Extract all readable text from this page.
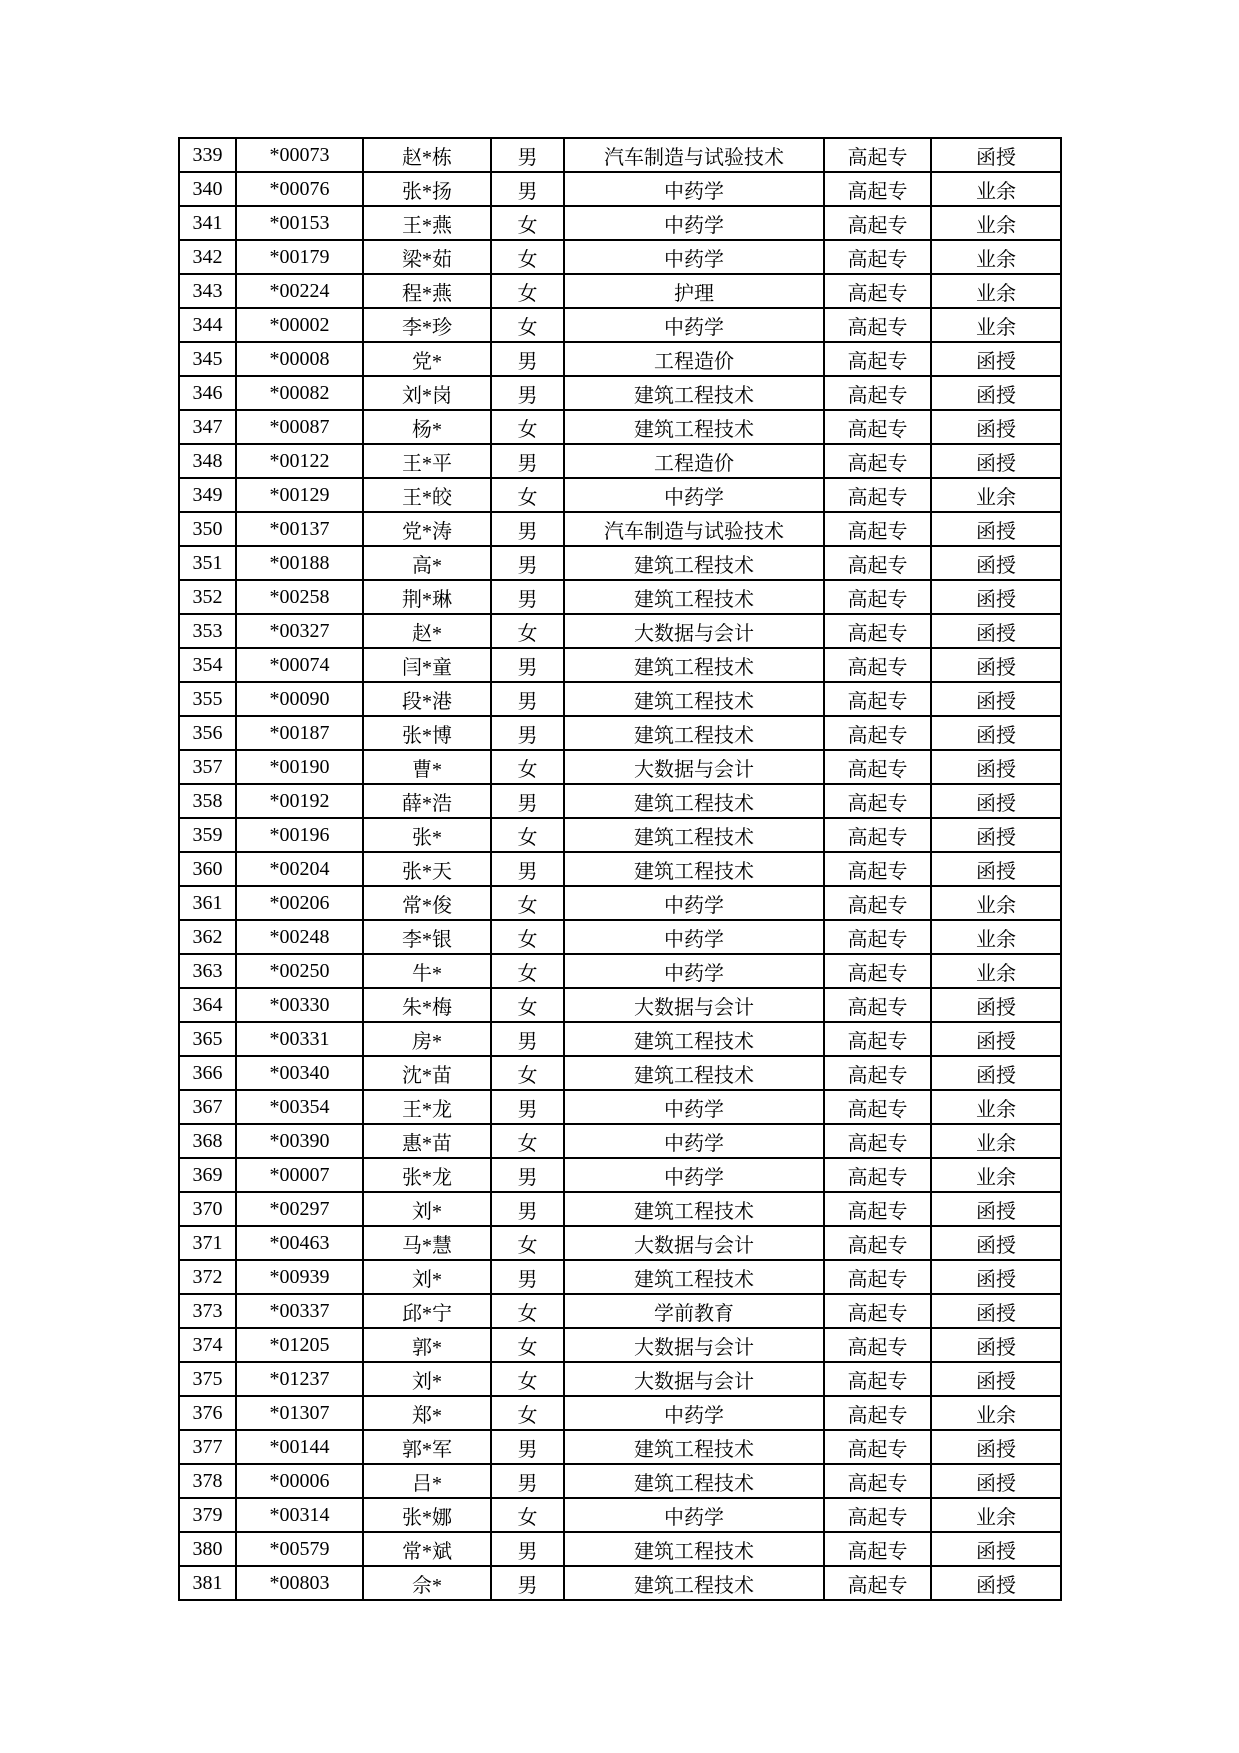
339	*00073	赵*栋	男	汽车制造与试验技术	高起专	函授
340	*00076	张*扬	男	中药学	高起专	业余
341	*00153	王*燕	女	中药学	高起专	业余
342	*00179	梁*茹	女	中药学	高起专	业余
343	*00224	程*燕	女	护理	高起专	业余
344	*00002	李*珍	女	中药学	高起专	业余
345	*00008	党*	男	工程造价	高起专	函授
346	*00082	刘*岗	男	建筑工程技术	高起专	函授
347	*00087	杨*	女	建筑工程技术	高起专	函授
348	*00122	王*平	男	工程造价	高起专	函授
349	*00129	王*皎	女	中药学	高起专	业余
350	*00137	党*涛	男	汽车制造与试验技术	高起专	函授
351	*00188	高*	男	建筑工程技术	高起专	函授
352	*00258	荆*琳	男	建筑工程技术	高起专	函授
353	*00327	赵*	女	大数据与会计	高起专	函授
354	*00074	闫*童	男	建筑工程技术	高起专	函授
355	*00090	段*港	男	建筑工程技术	高起专	函授
356	*00187	张*博	男	建筑工程技术	高起专	函授
357	*00190	曹*	女	大数据与会计	高起专	函授
358	*00192	薛*浩	男	建筑工程技术	高起专	函授
359	*00196	张*	女	建筑工程技术	高起专	函授
360	*00204	张*天	男	建筑工程技术	高起专	函授
361	*00206	常*俊	女	中药学	高起专	业余
362	*00248	李*银	女	中药学	高起专	业余
363	*00250	牛*	女	中药学	高起专	业余
364	*00330	朱*梅	女	大数据与会计	高起专	函授
365	*00331	房*	男	建筑工程技术	高起专	函授
366	*00340	沈*苗	女	建筑工程技术	高起专	函授
367	*00354	王*龙	男	中药学	高起专	业余
368	*00390	惠*苗	女	中药学	高起专	业余
369	*00007	张*龙	男	中药学	高起专	业余
370	*00297	刘*	男	建筑工程技术	高起专	函授
371	*00463	马*慧	女	大数据与会计	高起专	函授
372	*00939	刘*	男	建筑工程技术	高起专	函授
373	*00337	邱*宁	女	学前教育	高起专	函授
374	*01205	郭*	女	大数据与会计	高起专	函授
375	*01237	刘*	女	大数据与会计	高起专	函授
376	*01307	郑*	女	中药学	高起专	业余
377	*00144	郭*军	男	建筑工程技术	高起专	函授
378	*00006	吕*	男	建筑工程技术	高起专	函授
379	*00314	张*娜	女	中药学	高起专	业余
380	*00579	常*斌	男	建筑工程技术	高起专	函授
381	*00803	佘*	男	建筑工程技术	高起专	函授
